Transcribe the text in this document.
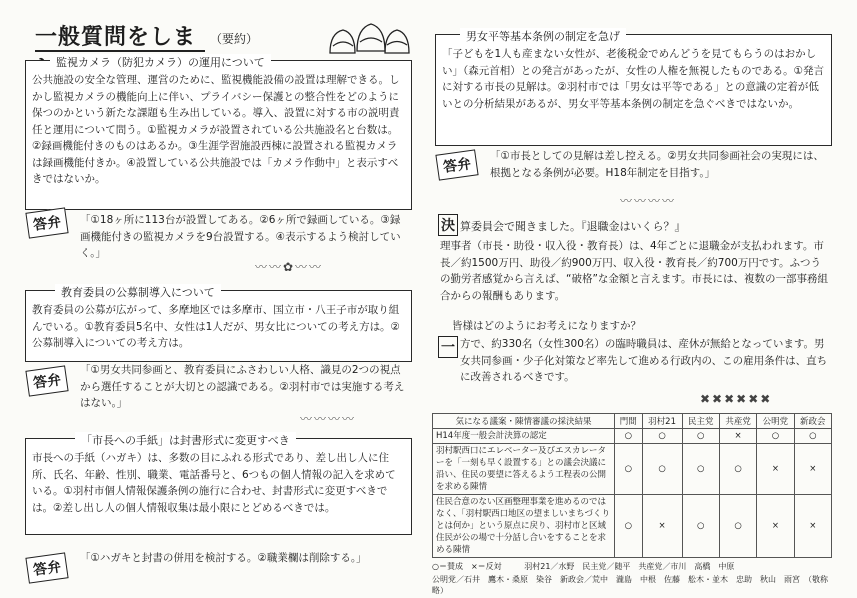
一般質問をしま	（要約）
監視カメラ（防犯カメラ）の運用について
公共施設の安全な管理、運営のために、監視機能設備の設置は理解できる。しかし監視カメラの機能向上に伴い、プライバシー保護との整合性をどのように保つのかという新たな課題も生み出している。導入、設置に対する市の説明責任と運用について問う。①監視カメラが設置されている公共施設名と台数は。②録画機能付きのものはあるか。③生涯学習施設西棟に設置される監視カメラは録画機能付きか。④設置している公共施設では「カメラ作動中」と表示すべきではないか。
答弁	「①18ヶ所に113台が設置してある。②6ヶ所で録画している。③録画機能付きの監視カメラを9台設置する。④表示するよう検討していく。」
〰〰✿〰〰
教育委員の公募制導入について
教育委員の公募が広がって、多摩地区では多摩市、国立市・八王子市が取り組んでいる。①教育委員5名中、女性は1人だが、男女比についての考え方は。②公募制導入についての考え方は。
答弁
「①男女共同参画と、教育委員にふさわしい人格、識見の2つの視点から選任することが大切との認識である。②羽村市では実施する考えはない。」
〰〰〰〰
「市長への手紙」は封書形式に変更すべき
市長への手紙（ハガキ）は、多数の目にふれる形式であり、差し出し人に住所、氏名、年齢、性別、職業、電話番号と、6つもの個人情報の記入を求めている。①羽村市個人情報保護条例の施行に合わせ、封書形式に変更すべきでは。②差し出し人の個人情報収集は最小限にとどめるべきでは。
答弁
「①ハガキと封書の併用を検討する。②職業欄は削除する。」
男女平等基本条例の制定を急げ
「子どもを1人も産まない女性が、老後税金でめんどうを見てもらうのはおかしい」（森元首相）との発言があったが、女性の人権を無視したものである。①発言に対する市長の見解は。②羽村市では「男女は平等である」との意識の定着が低いとの分析結果があるが、男女平等基本条例の制定を急ぐべきではないか。
答弁
「①市長としての見解は差し控える。②男女共同参画社会の実現には、根拠となる条例が必要。H18年制定を目指す。」
〰〰〰〰
決 算委員会で聞きました。『退職金はいくら？』
理事者（市長・助役・収入役・教育長）は、4年ごとに退職金が支払われます。市長／約1500万円、助役／約900万円、収入役・教育長／約700万円です。ふつうの勤労者感覚から言えば、“破格”な金額と言えます。市長には、複数の一部事務組合からの報酬もあります。
皆様はどのようにお考えになりますか？
一 方で、約330名（女性300名）の臨時職員は、産休が無給となっています。男女共同参画・少子化対策など率先して進める行政内の、この雇用条件は、直ちに改善されるべきです。
✖✖✖✖✖✖
気になる議案・陳情審議の採決結果	門間	羽村21	民主党	共産党	公明党	新政会
H14年度一般会計決算の認定	○	○	○	×	○	○
羽村駅西口にエレベーター及びエスカレーターを「一刻も早く設置する」との議会決議に沿い、住民の要望に答えるよう工程表の公開を求める陳情	○	○	○	○	×	×
住民合意のない区画整理事業を進めるのではなく、「羽村駅西口地区の望ましいまちづくりとは何か」という原点に戻り、羽村市と区域住民が公の場で十分話し合いをすることを求める陳情	○	×	○	○	×	×
○＝賛成　×＝反対	羽村21／水野　民主党／随平　共産党／市川　高橋　中原
公明党／石井　鷹木・桑原　染谷　新政会／荒中　瀧島　中根　佐藤　舩木・並木　忠助　秋山　雨宮　（敬称略）
